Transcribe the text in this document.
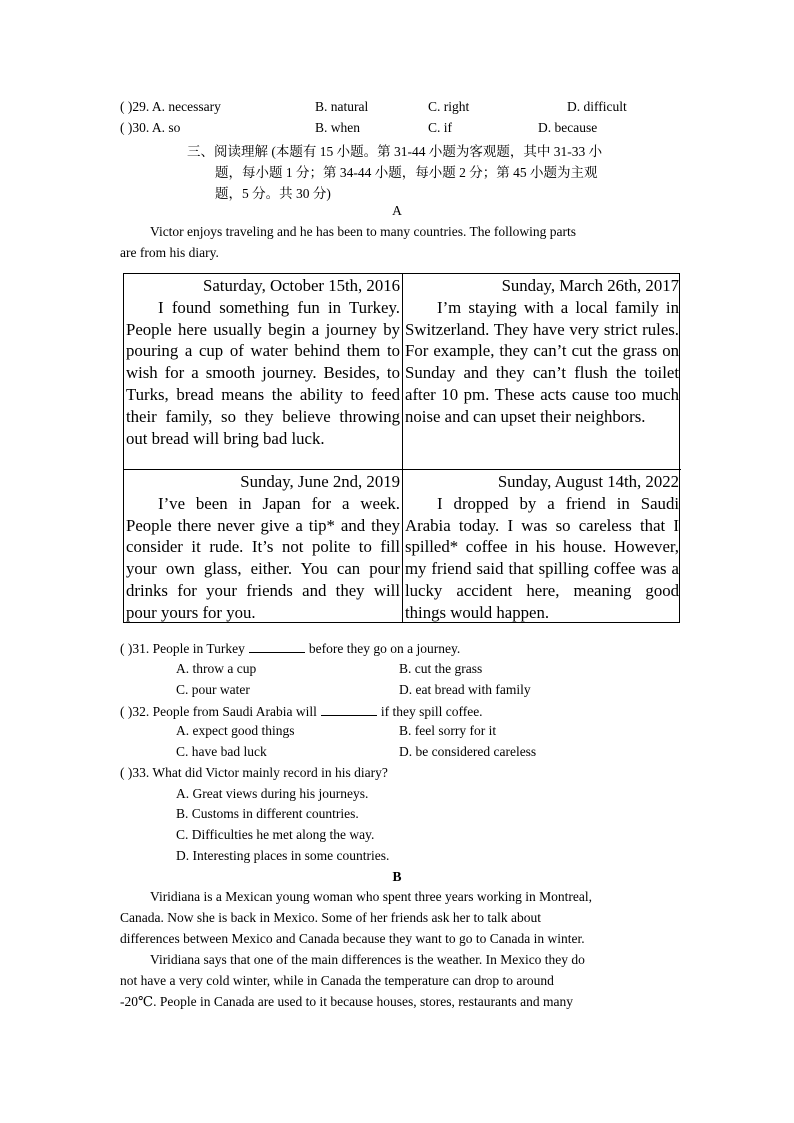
( )29. A. necessary	B. natural	C. right	D. difficult
( )30. A. so	B. when	C. if	D. because
三、阅读理解 (本题有 15 小题。第 31-44 小题为客观题，其中 31-33 小
题，每小题 1 分；第 34-44 小题，每小题 2 分；第 45 小题为主观
题，5 分。共 30 分)
A
Victor enjoys traveling and he has been to many countries. The following parts
are from his diary.
Saturday, October 15th, 2016
I found something fun in Turkey. People here usually begin a journey by pouring a cup of water behind them to wish for a smooth journey. Besides, to Turks, bread means the ability to feed their family, so they believe throwing out bread will bring bad luck.
Sunday, March 26th, 2017
I’m staying with a local family in Switzerland. They have very strict rules. For example, they can’t cut the grass on Sunday and they can’t flush the toilet after 10 pm. These acts cause too much noise and can upset their neighbors.
Sunday, June 2nd, 2019
I’ve been in Japan for a week. People there never give a tip* and they consider it rude. It’s not polite to fill your own glass, either. You can pour drinks for your friends and they will pour yours for you.
Sunday, August 14th, 2022
I dropped by a friend in Saudi Arabia today. I was so careless that I spilled* coffee in his house. However, my friend said that spilling coffee was a lucky accident here, meaning good things would happen.
( )31. People in Turkey	before they go on a journey.
A. throw a cup	B. cut the grass
C. pour water	D. eat bread with family
( )32. People from Saudi Arabia will	if they spill coffee.
A. expect good things	B. feel sorry for it
C. have bad luck	D. be considered careless
( )33. What did Victor mainly record in his diary?
A. Great views during his journeys.
B. Customs in different countries.
C. Difficulties he met along the way.
D. Interesting places in some countries.
B
Viridiana is a Mexican young woman who spent three years working in Montreal,
Canada. Now she is back in Mexico. Some of her friends ask her to talk about
differences between Mexico and Canada because they want to go to Canada in winter.
Viridiana says that one of the main differences is the weather. In Mexico they do
not have a very cold winter, while in Canada the temperature can drop to around
-20℃. People in Canada are used to it because houses, stores, restaurants and many
